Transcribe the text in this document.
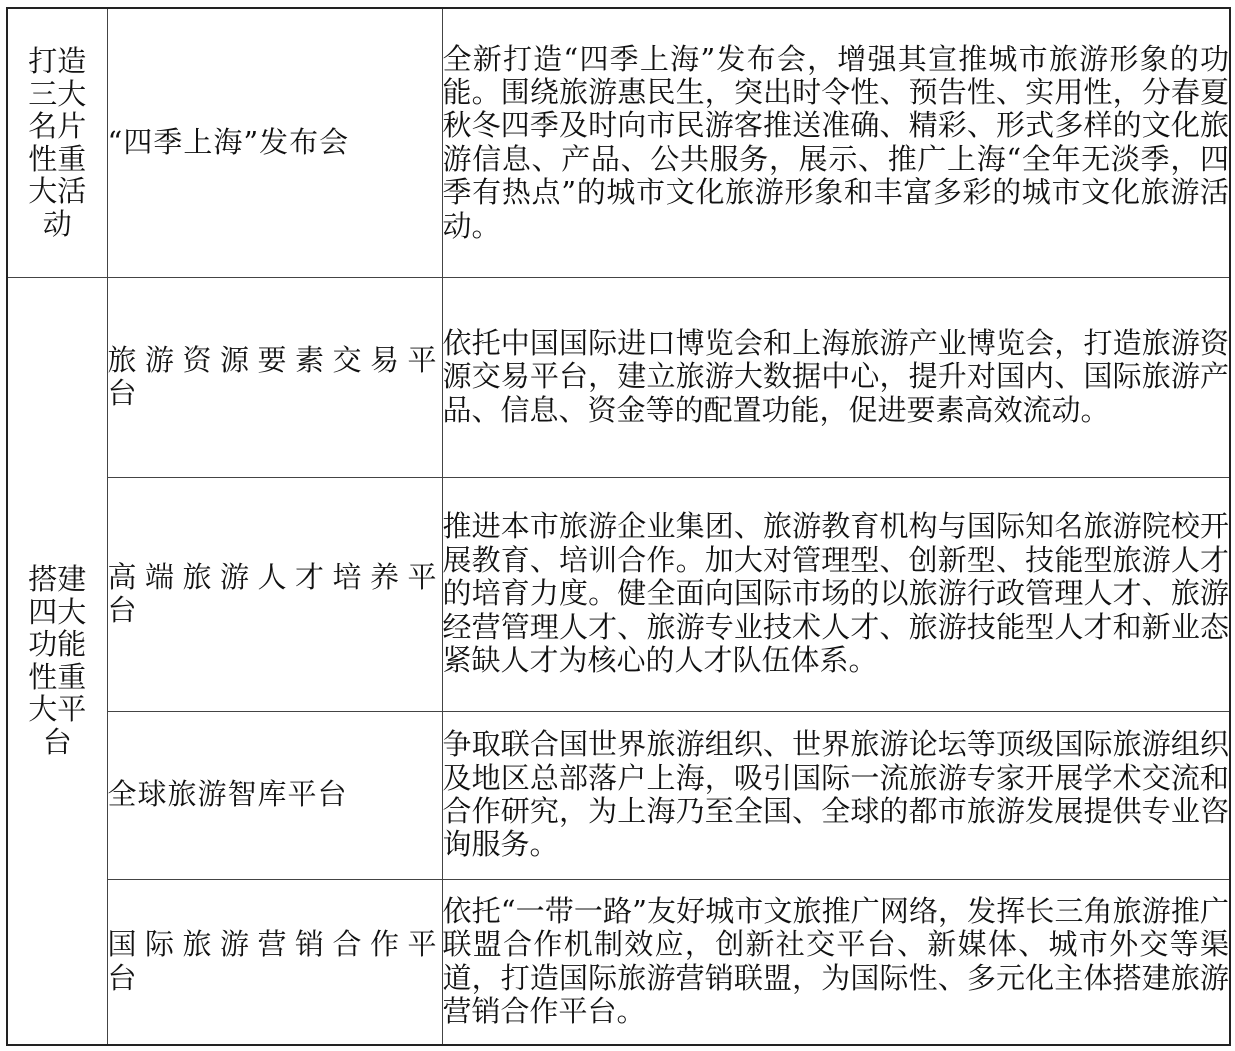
打造三大名片性重大活动	“四季上海”发布会	全新打造“四季上海”发布会，增强其宣推城市旅游形象的功能。围绕旅游惠民生，突出时令性、预告性、实用性，分春夏秋冬四季及时向市民游客推送准确、精彩、形式多样的文化旅游信息、产品、公共服务，展示、推广上海“全年无淡季，四季有热点”的城市文化旅游形象和丰富多彩的城市文化旅游活动。

搭建四大功能性重大平台	旅游资源要素交易平台	依托中国国际进口博览会和上海旅游产业博览会，打造旅游资源交易平台，建立旅游大数据中心，提升对国内、国际旅游产品、信息、资金等的配置功能，促进要素高效流动。

	高端旅游人才培养平台	推进本市旅游企业集团、旅游教育机构与国际知名旅游院校开展教育、培训合作。加大对管理型、创新型、技能型旅游人才的培育力度。健全面向国际市场的以旅游行政管理人才、旅游经营管理人才、旅游专业技术人才、旅游技能型人才和新业态紧缺人才为核心的人才队伍体系。

	全球旅游智库平台	争取联合国世界旅游组织、世界旅游论坛等顶级国际旅游组织及地区总部落户上海，吸引国际一流旅游专家开展学术交流和合作研究，为上海乃至全国、全球的都市旅游发展提供专业咨询服务。

	国际旅游营销合作平台	依托“一带一路”友好城市文旅推广网络，发挥长三角旅游推广联盟合作机制效应，创新社交平台、新媒体、城市外交等渠道，打造国际旅游营销联盟，为国际性、多元化主体搭建旅游营销合作平台。
